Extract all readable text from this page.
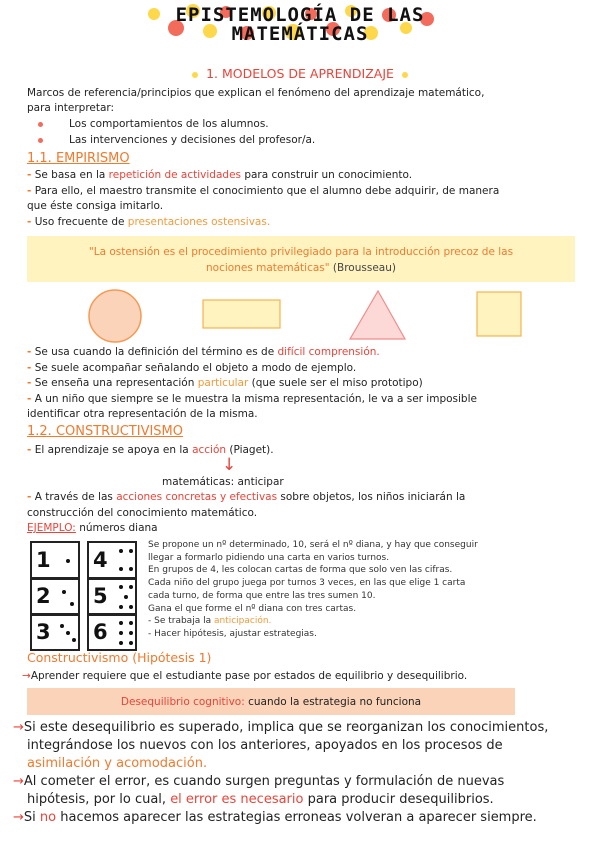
EPISTEMOLOGÍA DE LAS
MATEMÁTICAS
1. MODELOS DE APRENDIZAJE
Marcos de referencia/principios que explican el fenómeno del aprendizaje matemático,
para interpretar:
Los comportamientos de los alumnos.
Las intervenciones y decisiones del profesor/a.
1.1. EMPIRISMO
- Se basa en la repetición de actividades para construir un conocimiento.
- Para ello, el maestro transmite el conocimiento que el alumno debe adquirir, de manera
que éste consiga imitarlo.
- Uso frecuente de presentaciones ostensivas.
"La ostensión es el procedimiento privilegiado para la introducción precoz de las
nociones matemáticas" (Brousseau)
- Se usa cuando la definición del término es de difícil comprensión.
- Se suele acompañar señalando el objeto a modo de ejemplo.
- Se enseña una representación particular (que suele ser el miso prototipo)
- A un niño que siempre se le muestra la misma representación, le va a ser imposible
identificar otra representación de la misma.
1.2. CONSTRUCTIVISMO
- El aprendizaje se apoya en la acción (Piaget).
↓
matemáticas: anticipar
- A través de las acciones concretas y efectivas sobre objetos, los niños iniciarán la
construcción del conocimiento matemático.
EJEMPLO: números diana
1 4
2 5
3 6
Se propone un nº determinado, 10, será el nº diana, y hay que conseguir
llegar a formarlo pidiendo una carta en varios turnos.
En grupos de 4, les colocan cartas de forma que solo ven las cifras.
Cada niño del grupo juega por turnos 3 veces, en las que elige 1 carta
cada turno, de forma que entre las tres sumen 10.
Gana el que forme el nº diana con tres cartas.
- Se trabaja la anticipación.
- Hacer hipótesis, ajustar estrategias.
Constructivismo (Hipótesis 1)
→Aprender requiere que el estudiante pase por estados de equilibrio y desequilibrio.
Desequilibrio cognitivo: cuando la estrategia no funciona
→Si este desequilibrio es superado, implica que se reorganizan los conocimientos,
integrándose los nuevos con los anteriores, apoyados en los procesos de
asimilación y acomodación.
→Al cometer el error, es cuando surgen preguntas y formulación de nuevas
hipótesis, por lo cual, el error es necesario para producir desequilibrios.
→Si no hacemos aparecer las estrategias erroneas volveran a aparecer siempre.
